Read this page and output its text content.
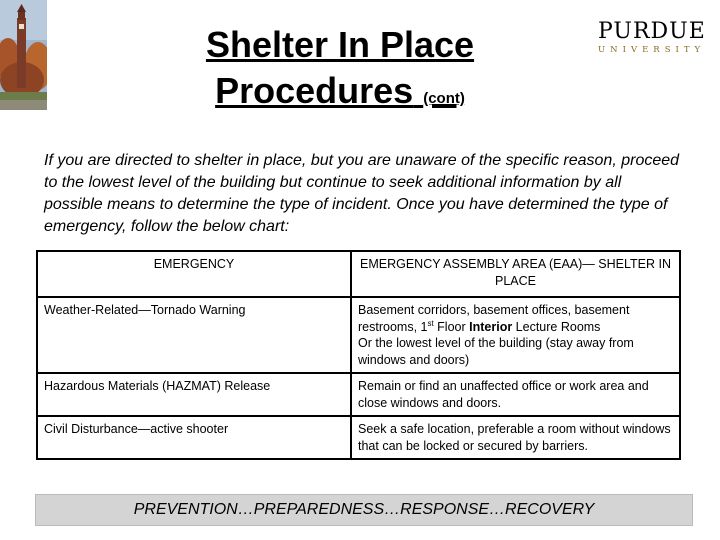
Shelter In Place
Procedures (cont)
PURDUE
UNIVERSITY
If you are directed to shelter in place, but you are unaware of the specific reason, proceed to the lowest level of the building but continue to seek additional information by all possible means to determine the type of incident. Once you have determined the type of emergency, follow the below chart:
EMERGENCY	EMERGENCY ASSEMBLY AREA (EAA)— SHELTER IN PLACE
Weather-Related—Tornado Warning	Basement corridors, basement offices, basement restrooms, 1st Floor Interior Lecture Rooms
Or the lowest level of the building (stay away from windows and doors)
Hazardous Materials (HAZMAT) Release	Remain or find an unaffected office or work area and close windows and doors.
Civil Disturbance—active shooter	Seek a safe location, preferable a room without windows that can be locked or secured by barriers.
PREVENTION…PREPAREDNESS…RESPONSE…RECOVERY
